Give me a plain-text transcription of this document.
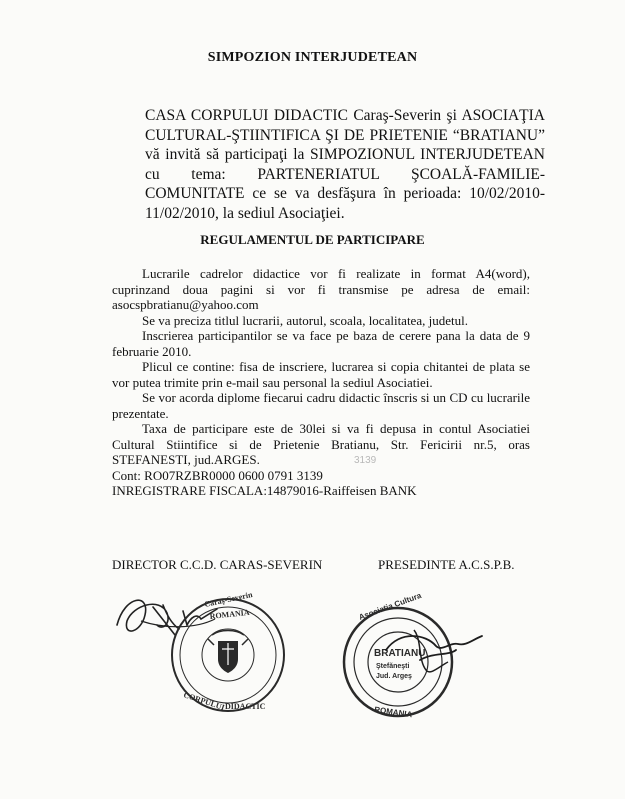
SIMPOZION INTERJUDETEAN

CASA CORPULUI DIDACTIC Caraş-Severin şi ASOCIAŢIA CULTURAL-ŞTIINTIFICA ŞI DE PRIETENIE “BRATIANU” vă invită să participaţi la SIMPOZIONUL INTERJUDETEAN cu tema: PARTENERIATUL ŞCOALĂ-FAMILIE-COMUNITATE ce se va desfăşura în perioada: 10/02/2010-11/02/2010, la sediul Asociaţiei.

REGULAMENTUL DE PARTICIPARE

Lucrarile cadrelor didactice vor fi realizate in format A4(word), cuprinzand doua pagini si vor fi transmise pe adresa de email: asocspbratianu@yahoo.com

Se va preciza titlul lucrarii, autorul, scoala, localitatea, judetul.

Inscrierea participantilor se va face pe baza de cerere pana la data de 9 februarie 2010.

Plicul ce contine: fisa de inscriere, lucrarea si copia chitantei de plata se vor putea trimite prin e-mail sau personal la sediul Asociatiei.

Se vor acorda diplome fiecarui cadru didactic înscris si un CD cu lucrarile prezentate.

Taxa de participare este de 30lei si va fi depusa in contul Asociatiei Cultural Stiintifice si de Prietenie Bratianu, Str. Fericirii nr.5, oras STEFANESTI, jud.ARGES.

Cont: RO07RZBR0000 0600 0791 3139

INREGISTRARE FISCALA:14879016-Raiffeisen BANK

3139
DIRECTOR C.C.D. CARAS-SEVERIN	PRESEDINTE A.C.S.P.B.
Caraş-Severin
ROMANIA
CORPULUI DIDACTIC
BRATIANU
Ştefăneşti
Jud. Argeş
Asociatia Cultura
ROMANIA
